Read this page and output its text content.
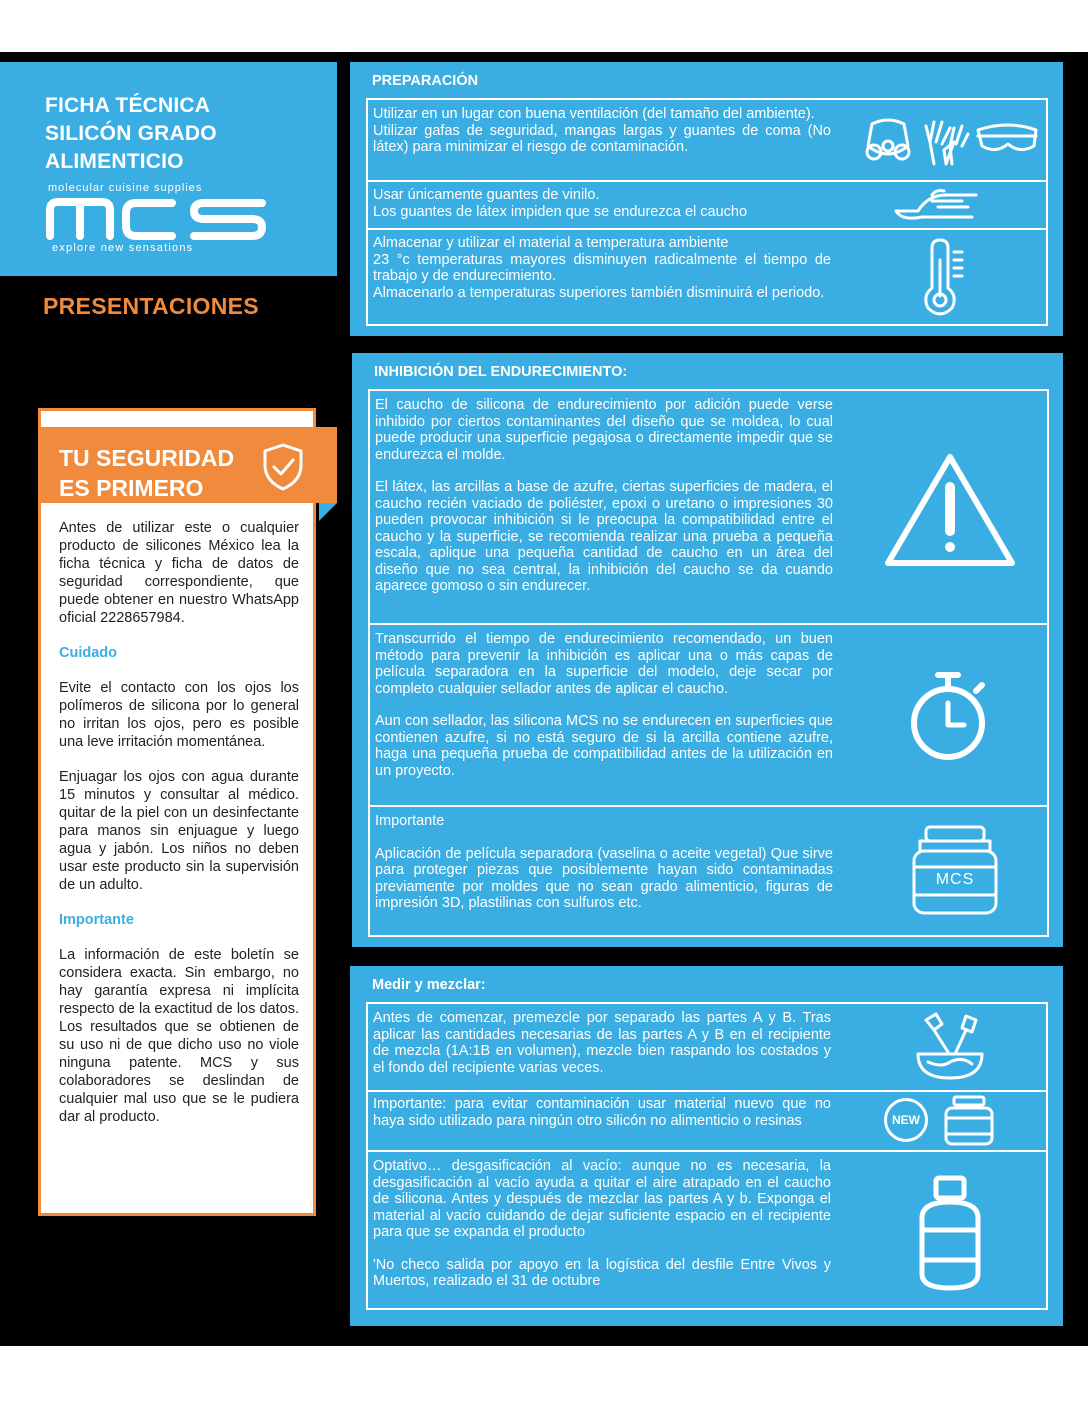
FICHA TÉCNICA
SILICÓN GRADO
ALIMENTICIO
molecular cuisine supplies
explore new sensations
PRESENTACIONES
TU SEGURIDAD
ES PRIMERO

Antes de utilizar este o cualquier producto de silicones México lea la ficha técnica y ficha de datos de seguridad correspondiente, que puede obtener en nuestro WhatsApp oficial 2228657984.

Cuidado

Evite el contacto con los ojos los polímeros de silicona por lo general no irritan los ojos, pero es posible una leve irritación momentánea.

Enjuagar los ojos con agua durante 15 minutos y consultar al médico. quitar de la piel con un desinfectante para manos sin enjuague y luego agua y jabón. Los niños no deben usar este producto sin la supervisión de un adulto.

Importante

La información de este boletín se considera exacta. Sin embargo, no hay garantía expresa ni implícita respecto de la exactitud de los datos. Los resultados que se obtienen de su uso ni de que dicho uso no viole ninguna patente. MCS y sus colaboradores se deslindan de cualquier mal uso que se le pudiera dar al producto.

PREPARACIÓN

Utilizar en un lugar con buena ventilación (del tamaño del ambiente).

Utilizar gafas de seguridad, mangas largas y guantes de coma (No látex) para minimizar el riesgo de contaminación.

Usar únicamente guantes de vinilo.

Los guantes de látex impiden que se endurezca el caucho

Almacenar y utilizar el material a temperatura ambiente

23 °c temperaturas mayores disminuyen radicalmente el tiempo de trabajo y de endurecimiento.

Almacenarlo a temperaturas superiores también disminuirá el periodo.

INHIBICIÓN DEL ENDURECIMIENTO:

El caucho de silicona de endurecimiento por adición puede verse inhibido por ciertos contaminantes del diseño que se moldea, lo cual puede producir una superficie pegajosa o directamente impedir que se endurezca el molde.

El látex, las arcillas a base de azufre, ciertas superficies de madera, el caucho recién vaciado de poliéster, epoxi o uretano o impresiones 30 pueden provocar inhibición si le preocupa la compatibilidad entre el caucho y la superficie, se recomienda realizar una prueba a pequeña escala, aplique una pequeña cantidad de caucho en un área del diseño que no sea central, la inhibición del caucho se da cuando aparece gomoso o sin endurecer.

Transcurrido el tiempo de endurecimiento recomendado, un buen método para prevenir la inhibición es aplicar una o más capas de película separadora en la superficie del modelo, deje secar por completo cualquier sellador antes de aplicar el caucho.

Aun con sellador, las silicona MCS no se endurecen en superficies que contienen azufre, si no está seguro de si la arcilla contiene azufre, haga una pequeña prueba de compatibilidad antes de la utilización en un proyecto.

Importante

Aplicación de película separadora (vaselina o aceite vegetal) Que sirve para proteger piezas que posiblemente hayan sido contaminadas previamente por moldes que no sean grado alimenticio, figuras de impresión 3D, plastilinas con sulfuros etc.

MCS
Medir y mezclar:

Antes de comenzar, premezcle por separado las partes A y B. Tras aplicar las cantidades necesarias de las partes A y B en el recipiente de mezcla (1A:1B en volumen), mezcle bien raspando los costados y el fondo del recipiente varias veces.

Importante: para evitar contaminación usar material nuevo que no haya sido utilizado para ningún otro silicón no alimenticio o resinas	NEW

Optativo… desgasificación al vacío: aunque no es necesaria, la desgasificación al vacío ayuda a quitar el aire atrapado en el caucho de silicona. Antes y después de mezclar las partes A y b. Exponga el material al vacío cuidando de dejar suficiente espacio en el recipiente para que se expanda el producto

'No checo salida por apoyo en la logística del desfile Entre Vivos y Muertos, realizado el 31 de octubre
